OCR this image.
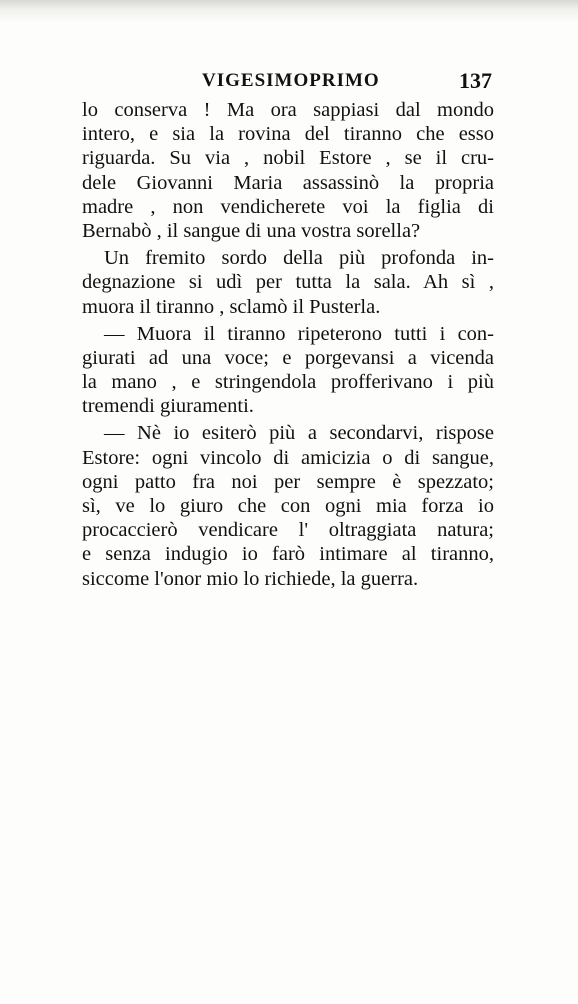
VIGESIMOPRIMO	137
lo conserva ! Ma ora sappiasi dal mondo
intero, e sia la rovina del tiranno che esso
riguarda. Su via , nobil Estore , se il cru-
dele Giovanni Maria assassinò la propria
madre , non vendicherete voi la figlia di
Bernabò , il sangue di una vostra sorella?
Un fremito sordo della più profonda in-
degnazione si udì per tutta la sala. Ah sì ,
muora il tiranno , sclamò il Pusterla.
— Muora il tiranno ripeterono tutti i con-
giurati ad una voce; e porgevansi a vicenda
la mano , e stringendola profferivano i più
tremendi giuramenti.
— Nè io esiterò più a secondarvi, rispose
Estore: ogni vincolo di amicizia o di sangue,
ogni patto fra noi per sempre è spezzato;
sì, ve lo giuro che con ogni mia forza io
procaccierò vendicare l' oltraggiata natura;
e senza indugio io farò intimare al tiranno,
siccome l'onor mio lo richiede, la guerra.
